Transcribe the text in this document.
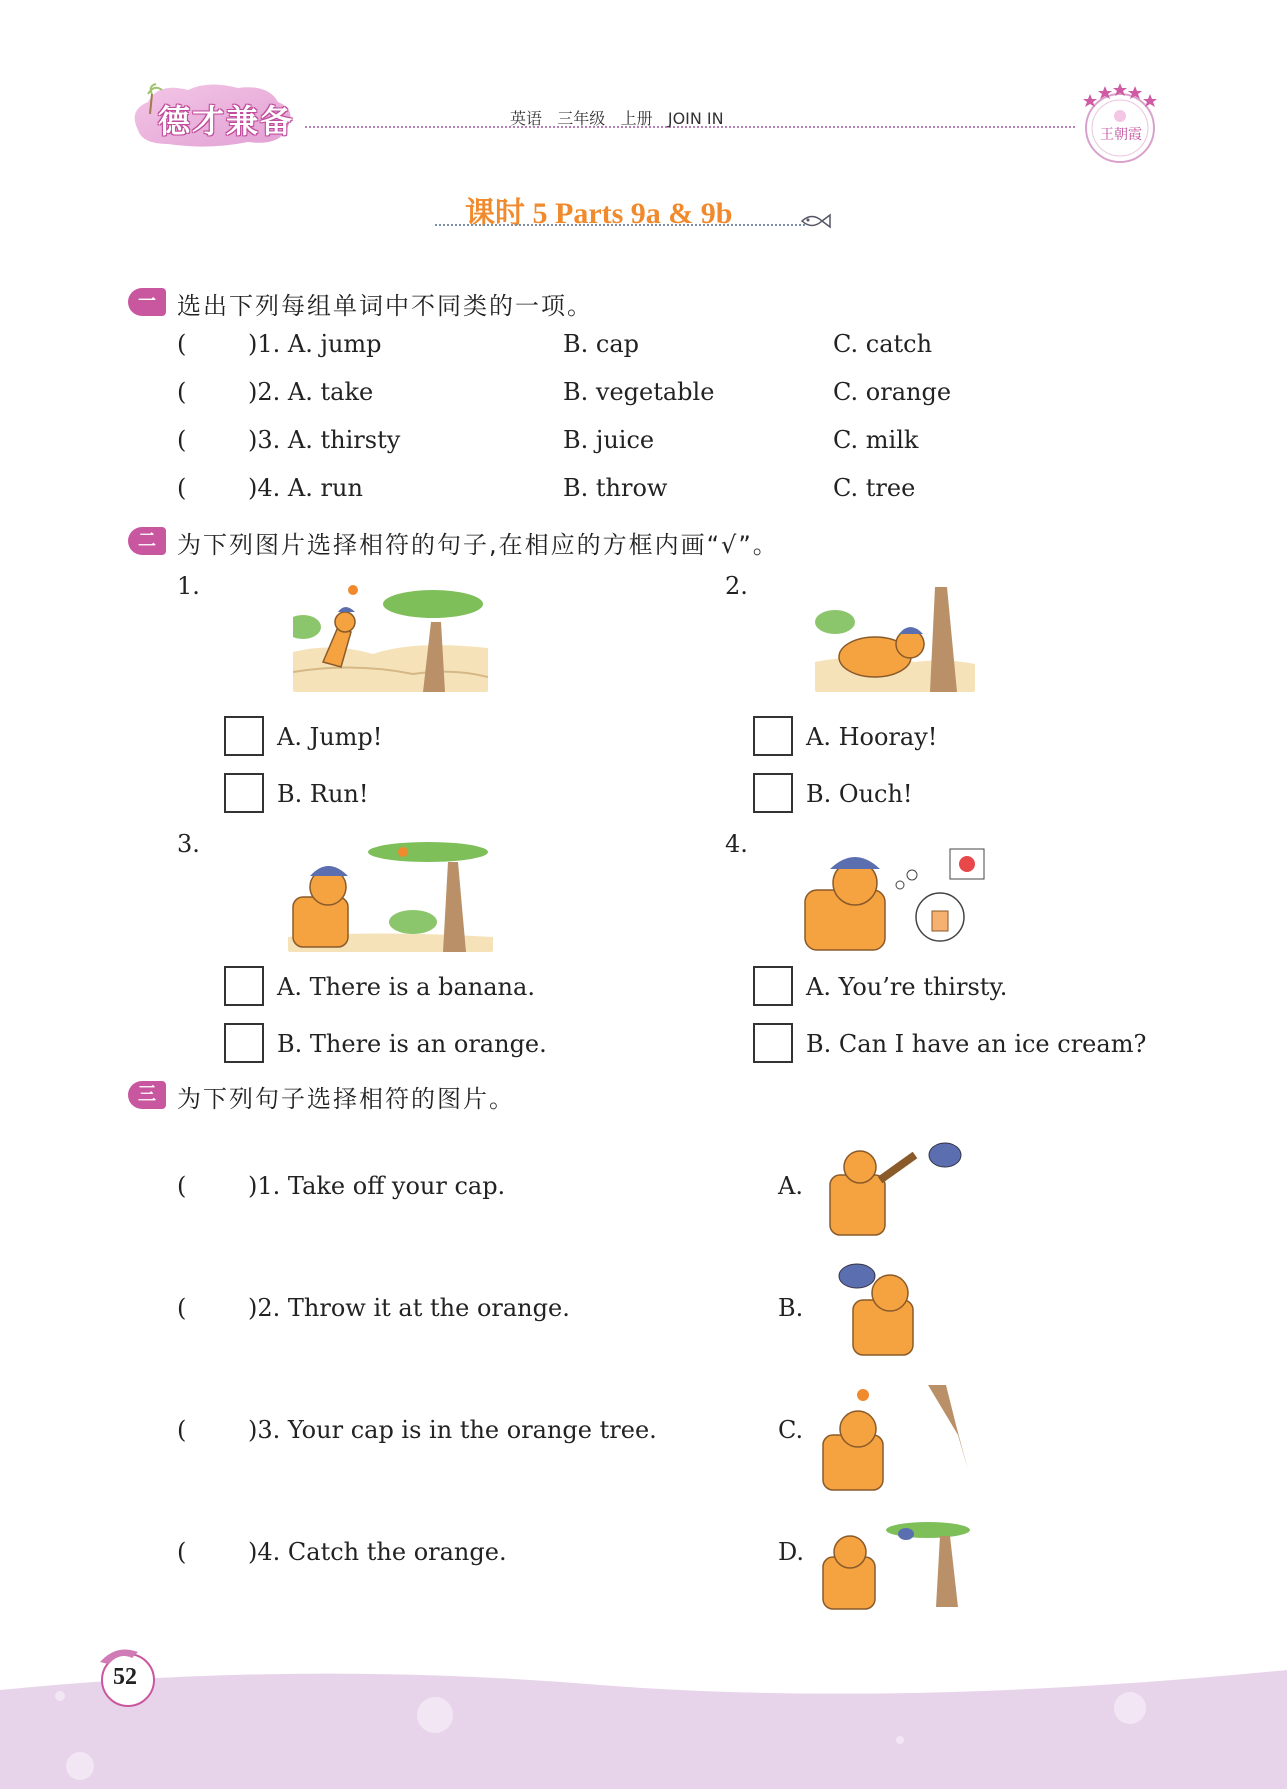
德才兼备	英语 三年级 上册 JOIN IN
王朝霞
课时 5 Parts 9a & 9b
一 选出下列每组单词中不同类的一项。
(	)1. A. jump	B. cap	C. catch
(	)2. A. take	B. vegetable	C. orange
(	)3. A. thirsty	B. juice	C. milk
(	)4. A. run	B. throw	C. tree
二 为下列图片选择相符的句子,在相应的方框内画“√”。
1.
A. Jump!
B. Run!
2.
A. Hooray!
B. Ouch!
3.
A. There is a banana.
B. There is an orange.
4.
A. You’re thirsty.
B. Can I have an ice cream?
三 为下列句子选择相符的图片。
(	)1. Take off your cap.	A.
(	)2. Throw it at the orange.	B.
(	)3. Your cap is in the orange tree.	C.
(	)4. Catch the orange.	D.
52
